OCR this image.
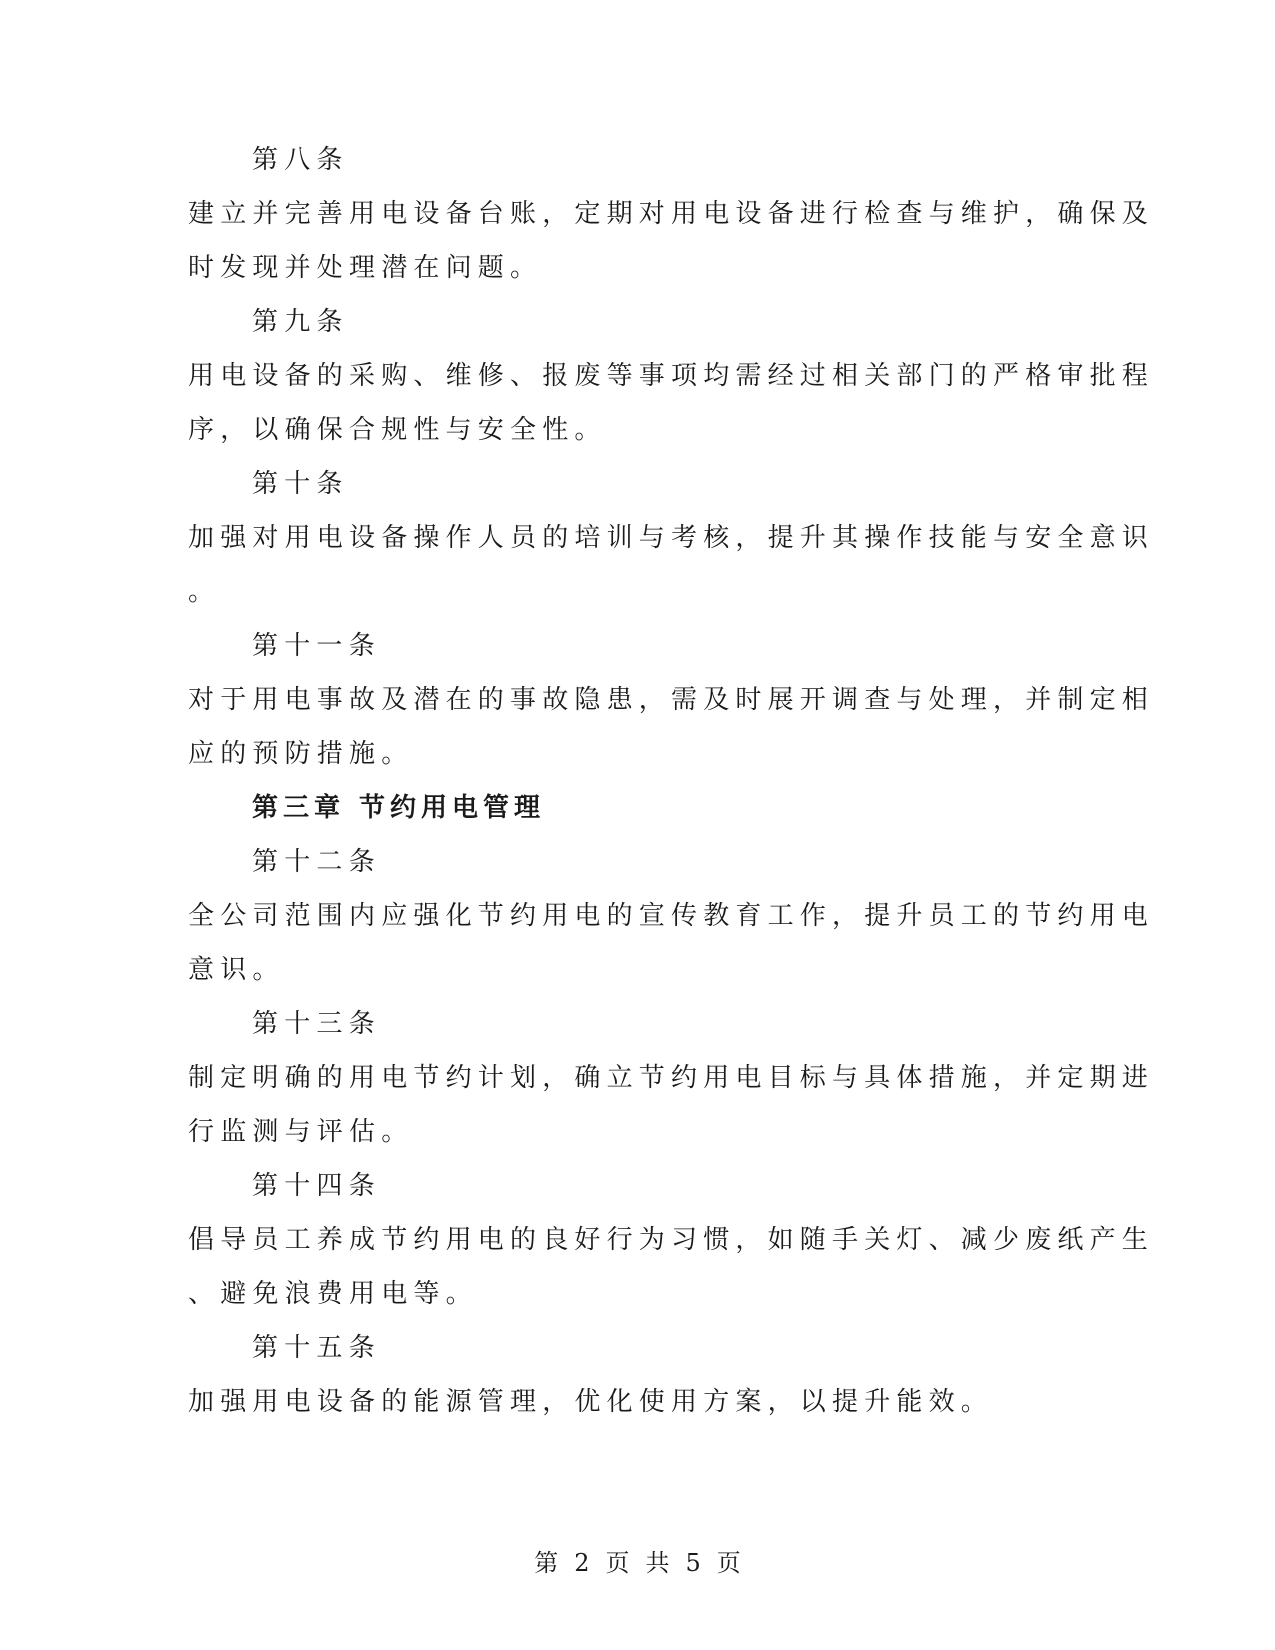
第八条
建立并完善用电设备台账，定期对用电设备进行检查与维护，确保及
时发现并处理潜在问题。
第九条
用电设备的采购、维修、报废等事项均需经过相关部门的严格审批程
序，以确保合规性与安全性。
第十条
加强对用电设备操作人员的培训与考核，提升其操作技能与安全意识
。
第十一条
对于用电事故及潜在的事故隐患，需及时展开调查与处理，并制定相
应的预防措施。
第三章 节约用电管理
第十二条
全公司范围内应强化节约用电的宣传教育工作，提升员工的节约用电
意识。
第十三条
制定明确的用电节约计划，确立节约用电目标与具体措施，并定期进
行监测与评估。
第十四条
倡导员工养成节约用电的良好行为习惯，如随手关灯、减少废纸产生
、避免浪费用电等。
第十五条
加强用电设备的能源管理，优化使用方案，以提升能效。
第 2 页 共 5 页
